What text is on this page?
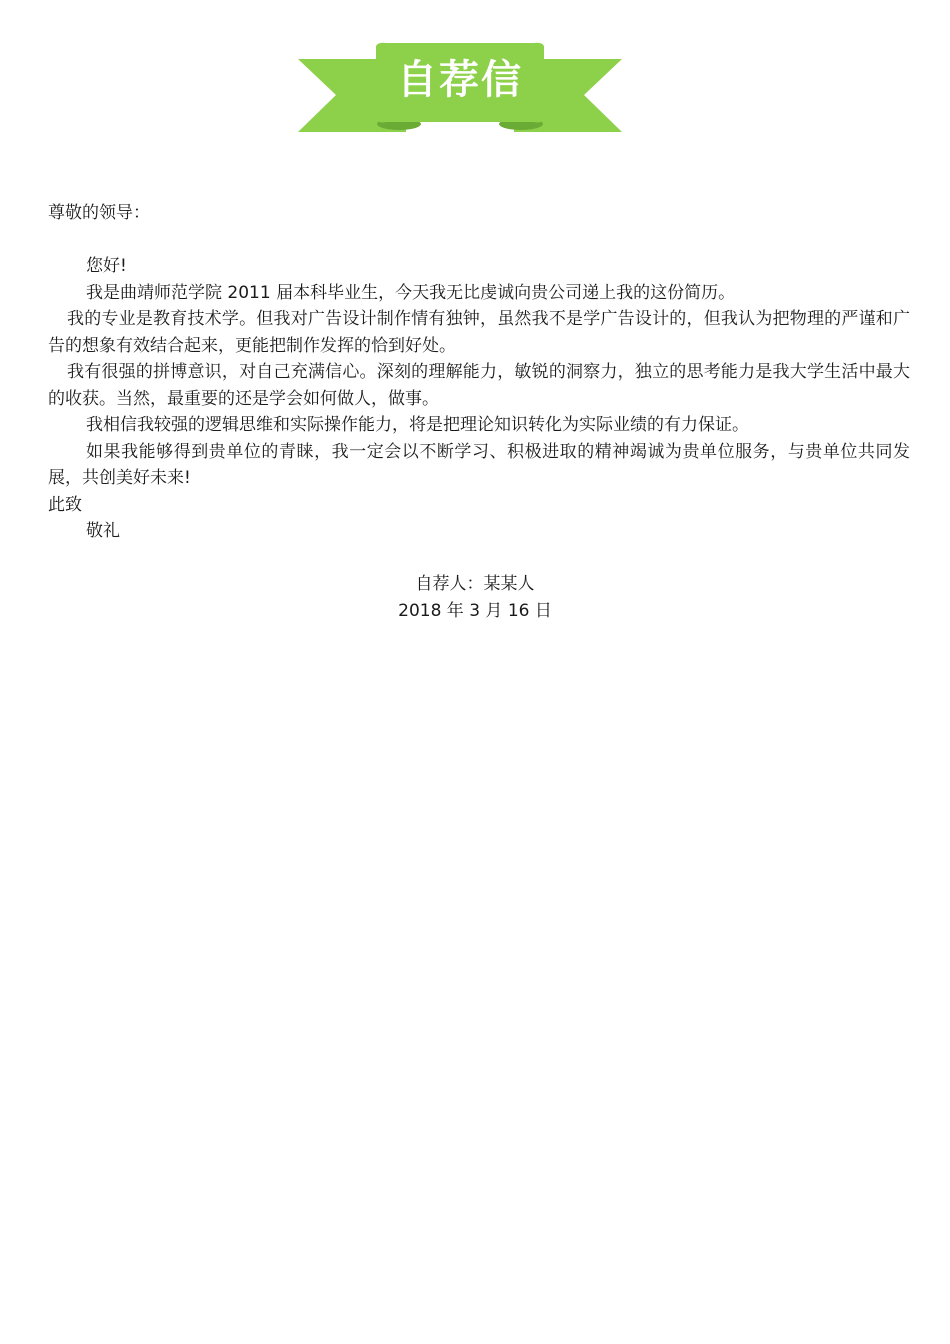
自荐信

尊敬的领导：

您好!

我是曲靖师范学院 2011 届本科毕业生，今天我无比虔诚向贵公司递上我的这份简历。

我的专业是教育技术学。但我对广告设计制作情有独钟，虽然我不是学广告设计的，但我认为把物理的严谨和广告的想象有效结合起来，更能把制作发挥的恰到好处。

我有很强的拼博意识，对自己充满信心。深刻的理解能力，敏锐的洞察力，独立的思考能力是我大学生活中最大的收获。当然，最重要的还是学会如何做人，做事。

我相信我较强的逻辑思维和实际操作能力，将是把理论知识转化为实际业绩的有力保证。

如果我能够得到贵单位的青睐，我一定会以不断学习、积极进取的精神竭诚为贵单位服务，与贵单位共同发展，共创美好未来!

此致

敬礼

自荐人：某某人

2018 年 3 月 16 日
